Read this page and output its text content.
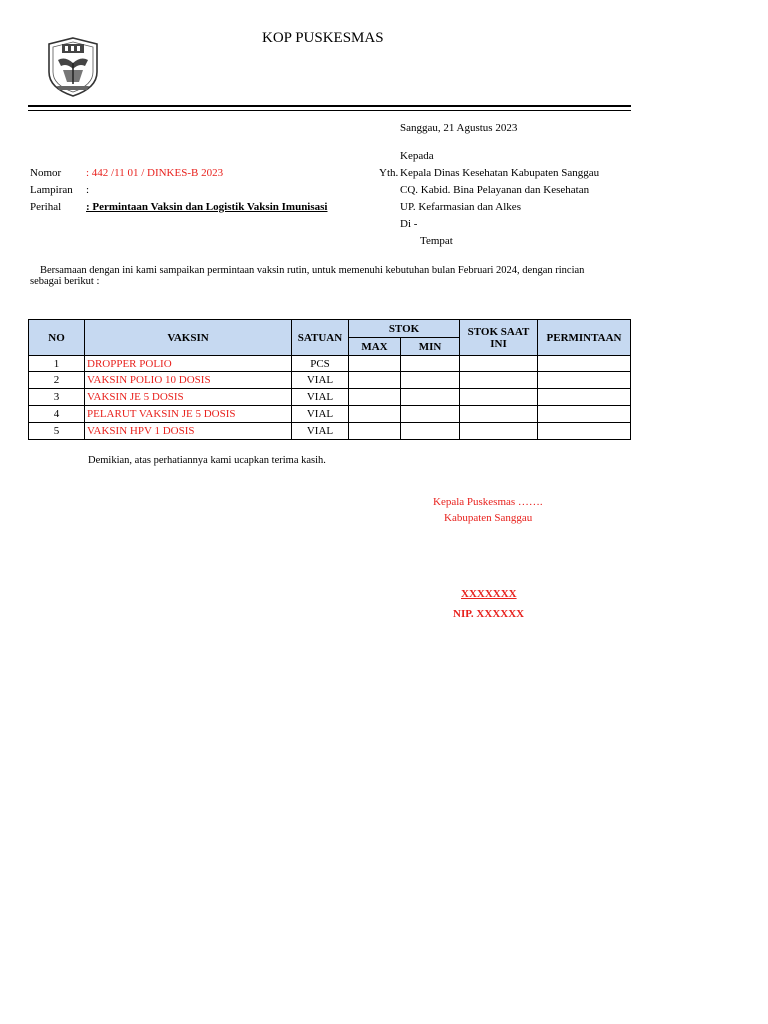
KOP PUSKESMAS
Sanggau, 21 Agustus 2023
Kepada
Yth. Kepala Dinas Kesehatan Kabupaten Sanggau
CQ. Kabid. Bina Pelayanan dan Kesehatan
UP. Kefarmasian dan Alkes
Di -
Tempat
Nomor : 442 /11 01 / DINKES-B 2023
Lampiran :
Perihal : Permintaan Vaksin dan Logistik Vaksin Imunisasi
Bersamaan dengan ini kami sampaikan permintaan vaksin rutin, untuk memenuhi kebutuhan bulan Februari 2024, dengan rincian
sebagai berikut :
NO	VAKSIN	SATUAN	STOK		STOK SAAT INI	PERMINTAAN
			MAX	MIN		
1	DROPPER POLIO	PCS				
2	VAKSIN POLIO 10 DOSIS	VIAL				
3	VAKSIN JE 5 DOSIS	VIAL				
4	PELARUT VAKSIN JE 5 DOSIS	VIAL				
5	VAKSIN HPV 1 DOSIS	VIAL				
Demikian, atas perhatiannya kami ucapkan terima kasih.
Kepala Puskesmas …….
Kabupaten Sanggau
XXXXXXX
NIP. XXXXXX
